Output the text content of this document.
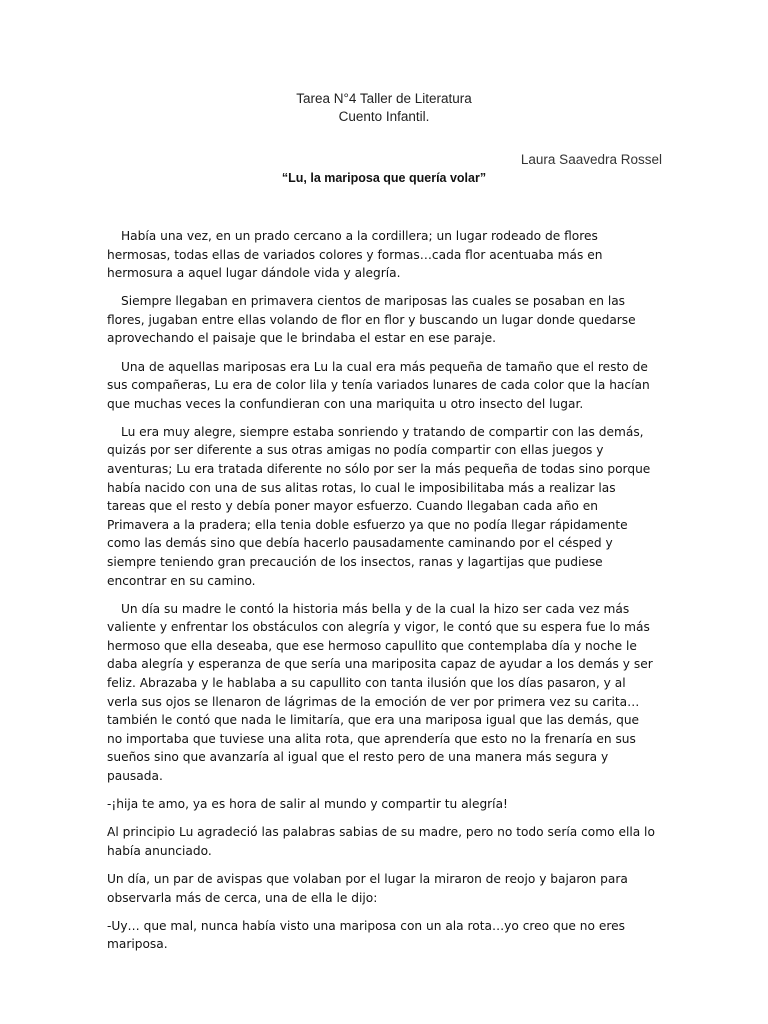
Tarea N°4 Taller de Literatura
Cuento Infantil.
Laura Saavedra Rossel
“Lu, la mariposa que quería volar”

Había una vez, en un prado cercano a la cordillera; un lugar rodeado de flores hermosas, todas ellas de variados colores y formas…cada flor acentuaba más en hermosura a aquel lugar dándole vida y alegría.

Siempre llegaban en primavera cientos de mariposas las cuales se posaban en las flores, jugaban entre ellas volando de flor en flor y buscando un lugar donde quedarse aprovechando el paisaje que le brindaba el estar en ese paraje.

Una de aquellas mariposas era Lu la cual era más pequeña de tamaño que el resto de sus compañeras, Lu era de color lila y tenía variados lunares de cada color que la hacían que muchas veces la confundieran con una mariquita u otro insecto del lugar.

Lu era muy alegre, siempre estaba sonriendo y tratando de compartir con las demás, quizás por ser diferente a sus otras amigas no podía compartir con ellas juegos y aventuras; Lu era tratada diferente no sólo por ser la más pequeña de todas sino porque había nacido con una de sus alitas rotas, lo cual le imposibilitaba más a realizar las tareas que el resto y debía poner mayor esfuerzo. Cuando llegaban cada año en Primavera a la pradera; ella tenia doble esfuerzo ya que no podía llegar rápidamente como las demás sino que debía hacerlo pausadamente caminando por el césped y siempre teniendo gran precaución de los insectos, ranas y lagartijas que pudiese encontrar en su camino.

Un día su madre le contó la historia más bella y de la cual la hizo ser cada vez más valiente y enfrentar los obstáculos con alegría y vigor, le contó que su espera fue lo más hermoso que ella deseaba, que ese hermoso capullito que contemplaba día y noche le daba alegría y esperanza de que sería una mariposita capaz de ayudar a los demás y ser feliz. Abrazaba y le hablaba a su capullito con tanta ilusión que los días pasaron, y al verla sus ojos se llenaron de lágrimas de la emoción de ver por primera vez su carita…también le contó que nada le limitaría, que era una mariposa igual que las demás, que no importaba que tuviese una alita rota, que aprendería que esto no la frenaría en sus sueños sino que avanzaría al igual que el resto pero de una manera más segura y pausada.

-¡hija te amo, ya es hora de salir al mundo y compartir tu alegría!

Al principio Lu agradeció las palabras sabias de su madre, pero no todo sería como ella lo había anunciado.

Un día, un par de avispas que volaban por el lugar la miraron de reojo y bajaron para observarla más de cerca, una de ella le dijo:

-Uy… que mal, nunca había visto una mariposa con un ala rota…yo creo que no eres mariposa.
